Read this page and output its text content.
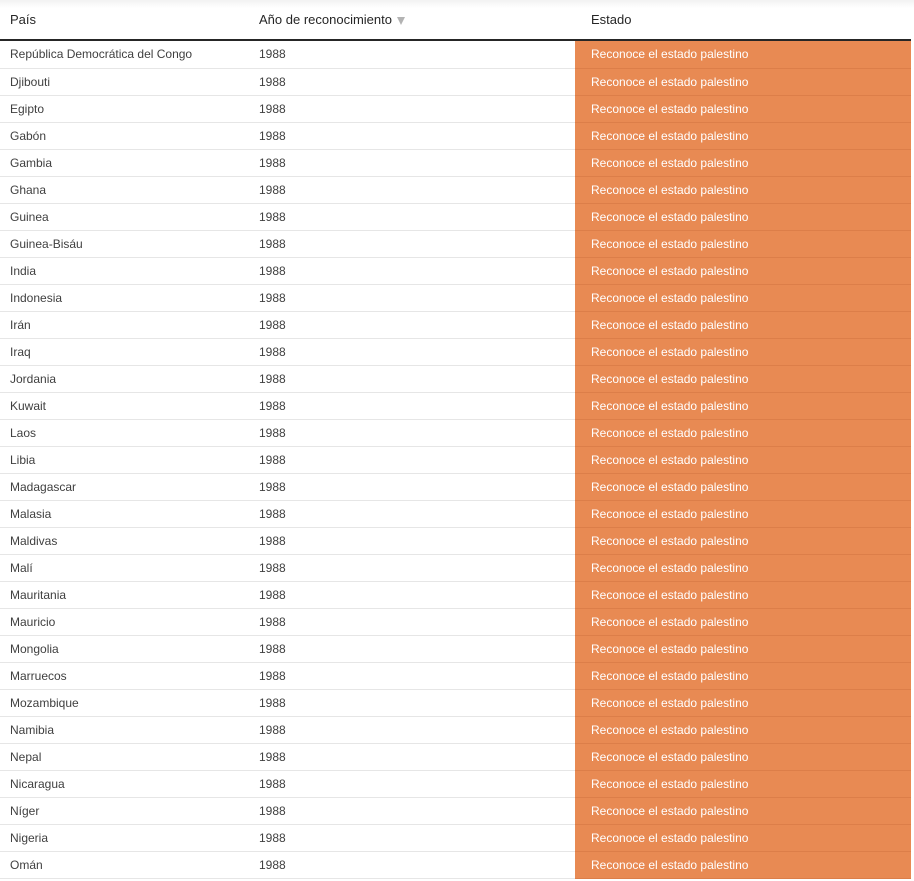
País	Año de reconocimiento	Estado
República Democrática del Congo	1988	Reconoce el estado palestino
Djibouti	1988	Reconoce el estado palestino
Egipto	1988	Reconoce el estado palestino
Gabón	1988	Reconoce el estado palestino
Gambia	1988	Reconoce el estado palestino
Ghana	1988	Reconoce el estado palestino
Guinea	1988	Reconoce el estado palestino
Guinea-Bisáu	1988	Reconoce el estado palestino
India	1988	Reconoce el estado palestino
Indonesia	1988	Reconoce el estado palestino
Irán	1988	Reconoce el estado palestino
Iraq	1988	Reconoce el estado palestino
Jordania	1988	Reconoce el estado palestino
Kuwait	1988	Reconoce el estado palestino
Laos	1988	Reconoce el estado palestino
Libia	1988	Reconoce el estado palestino
Madagascar	1988	Reconoce el estado palestino
Malasia	1988	Reconoce el estado palestino
Maldivas	1988	Reconoce el estado palestino
Malí	1988	Reconoce el estado palestino
Mauritania	1988	Reconoce el estado palestino
Mauricio	1988	Reconoce el estado palestino
Mongolia	1988	Reconoce el estado palestino
Marruecos	1988	Reconoce el estado palestino
Mozambique	1988	Reconoce el estado palestino
Namibia	1988	Reconoce el estado palestino
Nepal	1988	Reconoce el estado palestino
Nicaragua	1988	Reconoce el estado palestino
Níger	1988	Reconoce el estado palestino
Nigeria	1988	Reconoce el estado palestino
Omán	1988	Reconoce el estado palestino
